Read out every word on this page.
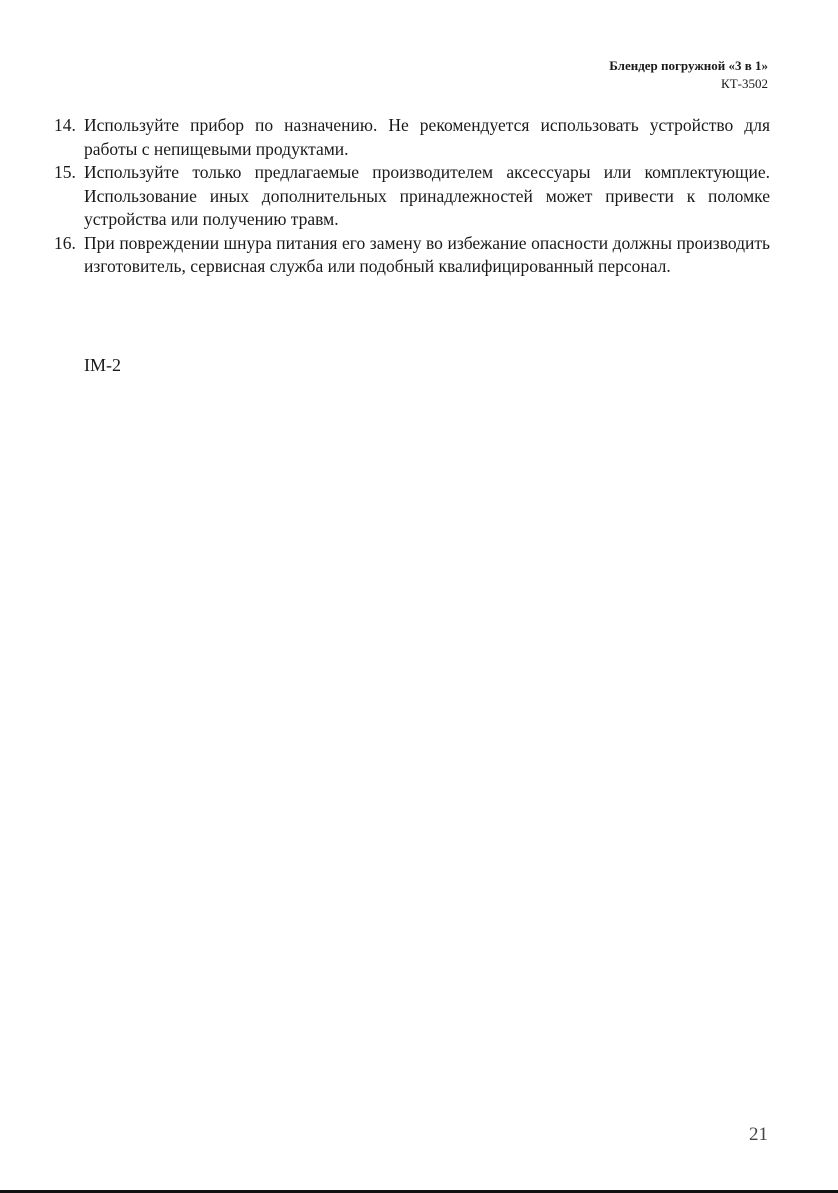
Блендер погружной «3 в 1»
КТ-3502
14. Используйте прибор по назначению. Не рекомендуется использовать устройство для работы с непищевыми продуктами.
15. Используйте только предлагаемые производителем аксессуары или комплектующие. Использование иных дополнительных принадлежностей может привести к поломке устройства или получению травм.
16. При повреждении шнура питания его замену во избежание опасности должны производить изготовитель, сервисная служба или подобный квалифицированный персонал.
IM-2
21
